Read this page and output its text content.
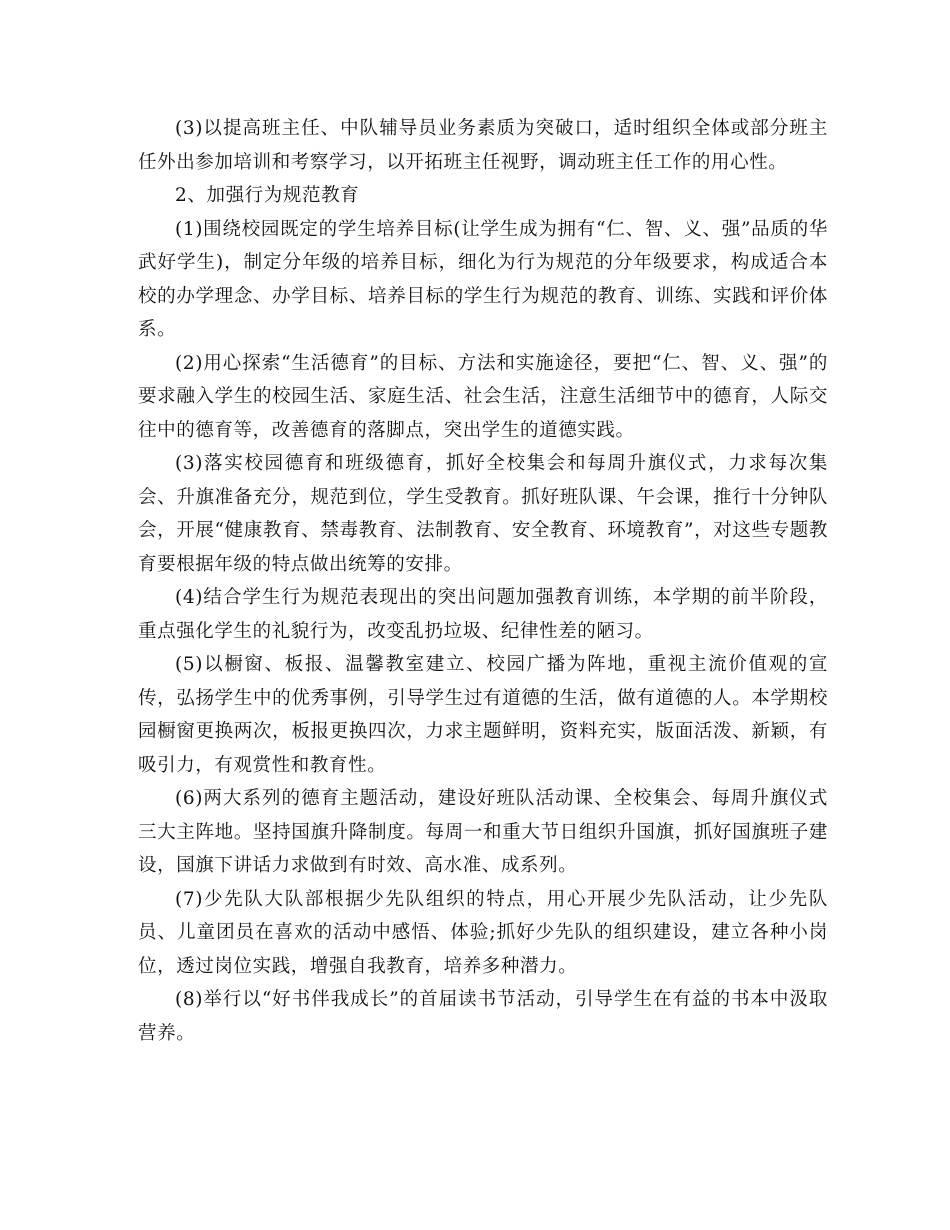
(3)以提高班主任、中队辅导员业务素质为突破口，适时组织全体或部分班主任外出参加培训和考察学习，以开拓班主任视野，调动班主任工作的用心性。

2、加强行为规范教育

(1)围绕校园既定的学生培养目标(让学生成为拥有“仁、智、义、强”品质的华武好学生)，制定分年级的培养目标，细化为行为规范的分年级要求，构成适合本校的办学理念、办学目标、培养目标的学生行为规范的教育、训练、实践和评价体系。

(2)用心探索“生活德育”的目标、方法和实施途径，要把“仁、智、义、强”的要求融入学生的校园生活、家庭生活、社会生活，注意生活细节中的德育，人际交往中的德育等，改善德育的落脚点，突出学生的道德实践。

(3)落实校园德育和班级德育，抓好全校集会和每周升旗仪式，力求每次集会、升旗准备充分，规范到位，学生受教育。抓好班队课、午会课，推行十分钟队会，开展“健康教育、禁毒教育、法制教育、安全教育、环境教育”，对这些专题教育要根据年级的特点做出统筹的安排。

(4)结合学生行为规范表现出的突出问题加强教育训练，本学期的前半阶段，重点强化学生的礼貌行为，改变乱扔垃圾、纪律性差的陋习。

(5)以橱窗、板报、温馨教室建立、校园广播为阵地，重视主流价值观的宣传，弘扬学生中的优秀事例，引导学生过有道德的生活，做有道德的人。本学期校园橱窗更换两次，板报更换四次，力求主题鲜明，资料充实，版面活泼、新颖，有吸引力，有观赏性和教育性。

(6)两大系列的德育主题活动，建设好班队活动课、全校集会、每周升旗仪式三大主阵地。坚持国旗升降制度。每周一和重大节日组织升国旗，抓好国旗班子建设，国旗下讲话力求做到有时效、高水准、成系列。

(7)少先队大队部根据少先队组织的特点，用心开展少先队活动，让少先队员、儿童团员在喜欢的活动中感悟、体验;抓好少先队的组织建设，建立各种小岗位，透过岗位实践，增强自我教育，培养多种潜力。

(8)举行以“好书伴我成长”的首届读书节活动，引导学生在有益的书本中汲取营养。
